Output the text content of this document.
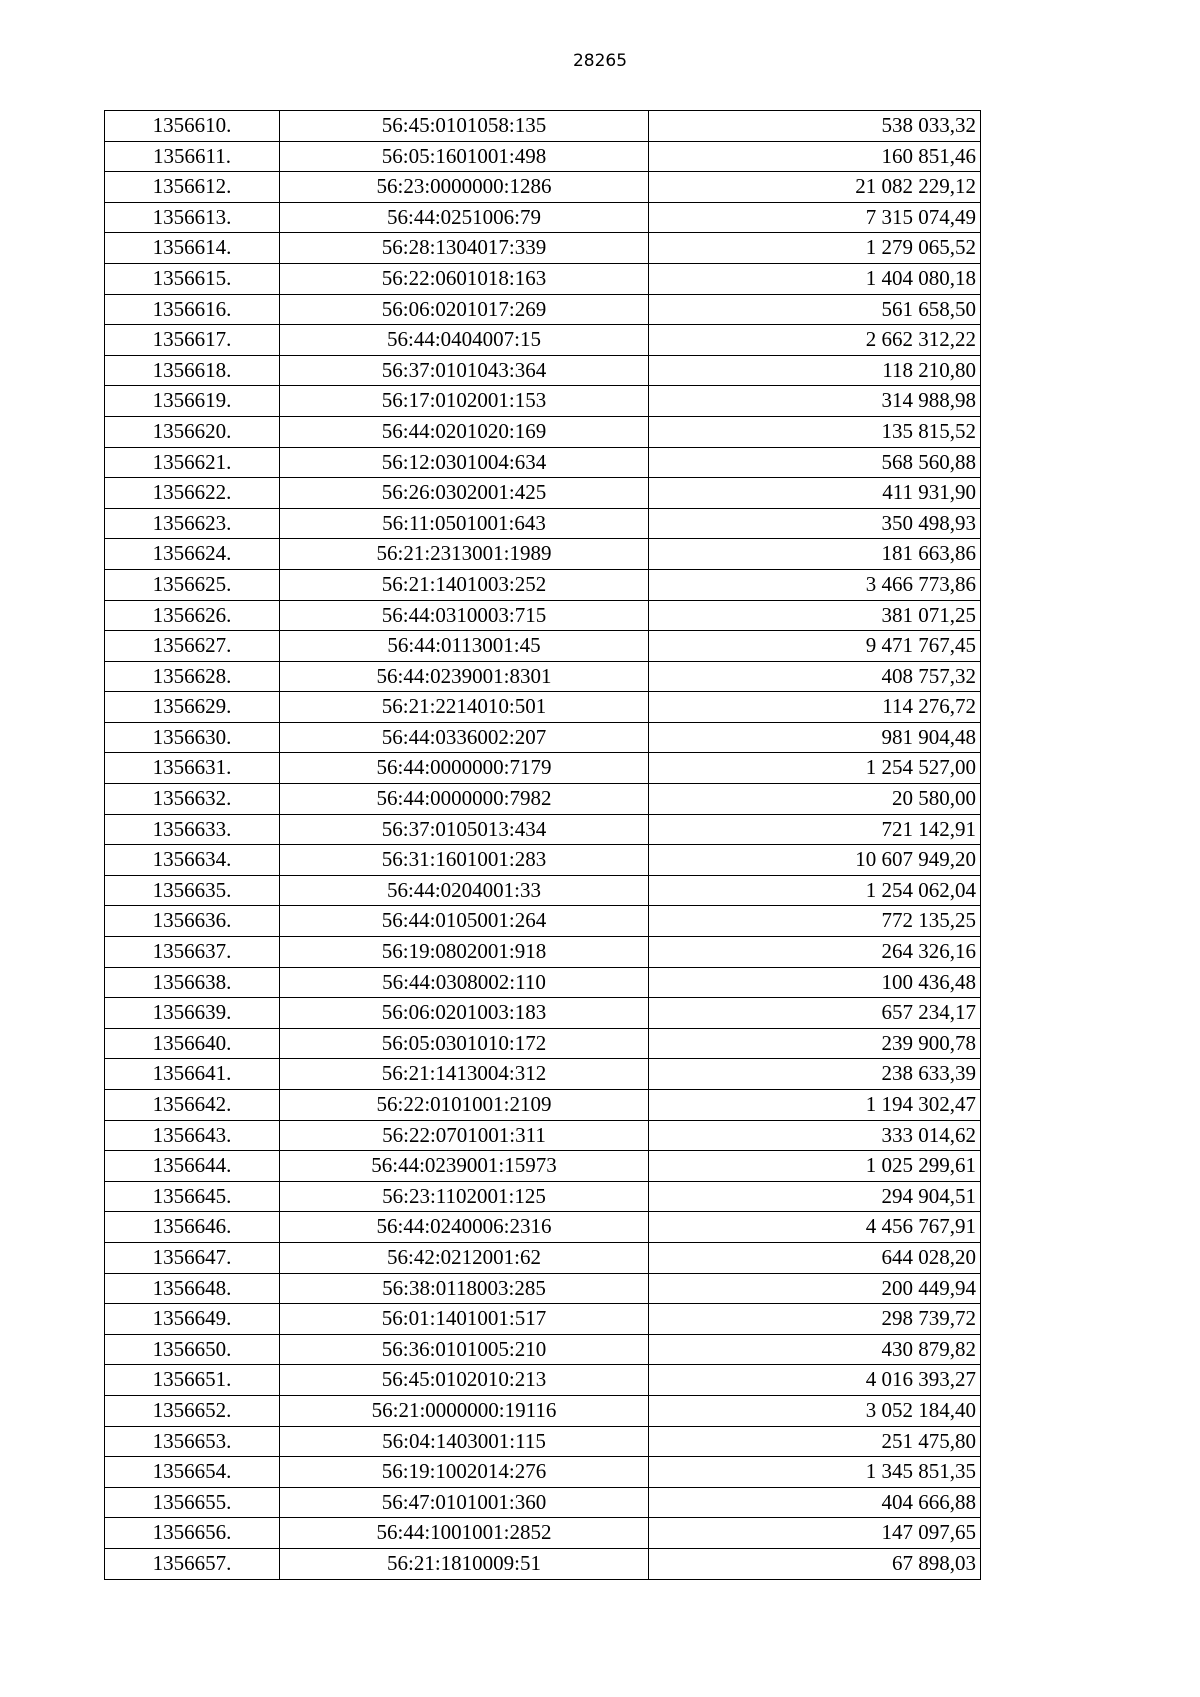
28265
1356610.	56:45:0101058:135	538 033,32
1356611.	56:05:1601001:498	160 851,46
1356612.	56:23:0000000:1286	21 082 229,12
1356613.	56:44:0251006:79	7 315 074,49
1356614.	56:28:1304017:339	1 279 065,52
1356615.	56:22:0601018:163	1 404 080,18
1356616.	56:06:0201017:269	561 658,50
1356617.	56:44:0404007:15	2 662 312,22
1356618.	56:37:0101043:364	118 210,80
1356619.	56:17:0102001:153	314 988,98
1356620.	56:44:0201020:169	135 815,52
1356621.	56:12:0301004:634	568 560,88
1356622.	56:26:0302001:425	411 931,90
1356623.	56:11:0501001:643	350 498,93
1356624.	56:21:2313001:1989	181 663,86
1356625.	56:21:1401003:252	3 466 773,86
1356626.	56:44:0310003:715	381 071,25
1356627.	56:44:0113001:45	9 471 767,45
1356628.	56:44:0239001:8301	408 757,32
1356629.	56:21:2214010:501	114 276,72
1356630.	56:44:0336002:207	981 904,48
1356631.	56:44:0000000:7179	1 254 527,00
1356632.	56:44:0000000:7982	20 580,00
1356633.	56:37:0105013:434	721 142,91
1356634.	56:31:1601001:283	10 607 949,20
1356635.	56:44:0204001:33	1 254 062,04
1356636.	56:44:0105001:264	772 135,25
1356637.	56:19:0802001:918	264 326,16
1356638.	56:44:0308002:110	100 436,48
1356639.	56:06:0201003:183	657 234,17
1356640.	56:05:0301010:172	239 900,78
1356641.	56:21:1413004:312	238 633,39
1356642.	56:22:0101001:2109	1 194 302,47
1356643.	56:22:0701001:311	333 014,62
1356644.	56:44:0239001:15973	1 025 299,61
1356645.	56:23:1102001:125	294 904,51
1356646.	56:44:0240006:2316	4 456 767,91
1356647.	56:42:0212001:62	644 028,20
1356648.	56:38:0118003:285	200 449,94
1356649.	56:01:1401001:517	298 739,72
1356650.	56:36:0101005:210	430 879,82
1356651.	56:45:0102010:213	4 016 393,27
1356652.	56:21:0000000:19116	3 052 184,40
1356653.	56:04:1403001:115	251 475,80
1356654.	56:19:1002014:276	1 345 851,35
1356655.	56:47:0101001:360	404 666,88
1356656.	56:44:1001001:2852	147 097,65
1356657.	56:21:1810009:51	67 898,03
